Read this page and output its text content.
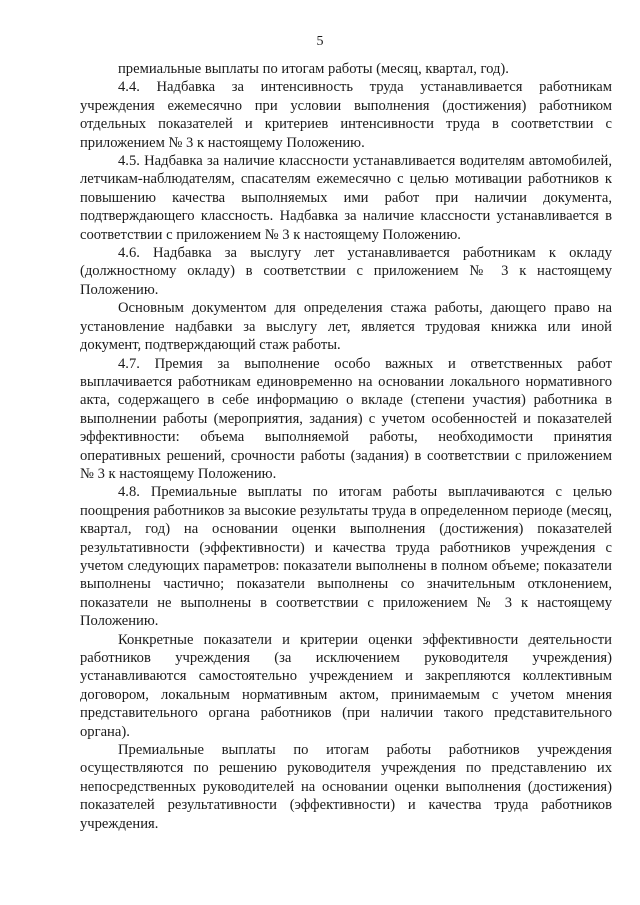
5

премиальные выплаты по итогам работы (месяц, квартал, год).

4.4. Надбавка за интенсивность труда устанавливается работникам учреждения ежемесячно при условии выполнения (достижения) работником отдельных показателей и критериев интенсивности труда в соответствии с приложением № 3 к настоящему Положению.

4.5. Надбавка за наличие классности устанавливается водителям автомобилей, летчикам-наблюдателям, спасателям ежемесячно с целью мотивации работников к повышению качества выполняемых ими работ при наличии документа, подтверждающего классность. Надбавка за наличие классности устанавливается в соответствии с приложением № 3 к настоящему Положению.

4.6. Надбавка за выслугу лет устанавливается работникам к окладу (должностному окладу) в соответствии с приложением № 3 к настоящему Положению.

Основным документом для определения стажа работы, дающего право на установление надбавки за выслугу лет, является трудовая книжка или иной документ, подтверждающий стаж работы.

4.7. Премия за выполнение особо важных и ответственных работ выплачивается работникам единовременно на основании локального нормативного акта, содержащего в себе информацию о вкладе (степени участия) работника в выполнении работы (мероприятия, задания) с учетом особенностей и показателей эффективности: объема выполняемой работы, необходимости принятия оперативных решений, срочности работы (задания) в соответствии с приложением № 3 к настоящему Положению.

4.8. Премиальные выплаты по итогам работы выплачиваются с целью поощрения работников за высокие результаты труда в определенном периоде (месяц, квартал, год) на основании оценки выполнения (достижения) показателей результативности (эффективности) и качества труда работников учреждения с учетом следующих параметров: показатели выполнены в полном объеме; показатели выполнены частично; показатели выполнены со значительным отклонением, показатели не выполнены в соответствии с приложением № 3 к настоящему Положению.

Конкретные показатели и критерии оценки эффективности деятельности работников учреждения (за исключением руководителя учреждения) устанавливаются самостоятельно учреждением и закрепляются коллективным договором, локальным нормативным актом, принимаемым с учетом мнения представительного органа работников (при наличии такого представительного органа).

Премиальные выплаты по итогам работы работников учреждения осуществляются по решению руководителя учреждения по представлению их непосредственных руководителей на основании оценки выполнения (достижения) показателей результативности (эффективности) и качества труда работников учреждения.
